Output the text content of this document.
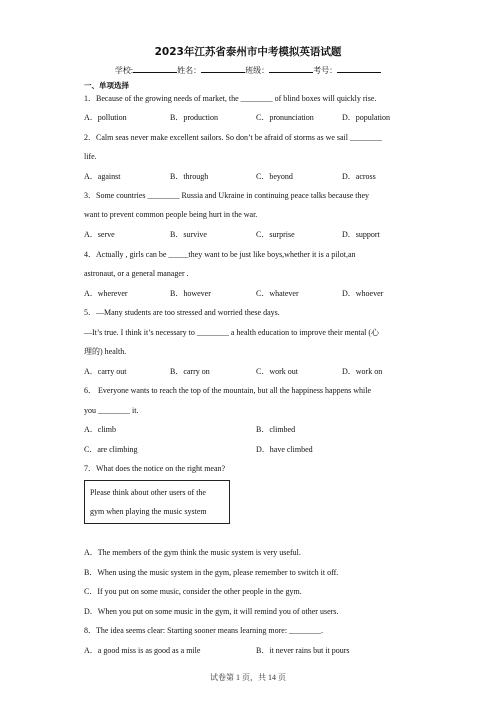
2023年江苏省泰州市中考模拟英语试题
学校:	姓名：	班级：	考号：
一、单项选择
1．Because of the growing needs of market, the ________ of blind boxes will quickly rise.
A．pollution	B．production	C．pronunciation	D．population
2．Calm seas never make excellent sailors. So don’t be afraid of storms as we sail ________
life.
A．against	B．through	C．beyond	D．across
3．Some countries ________ Russia and Ukraine in continuing peace talks because they
want to prevent common people being hurt in the war.
A．serve	B．survive	C．surprise	D．support
4．Actually , girls can be _____they want to be just like boys,whether it is a pilot,an
astronaut, or a general manager .
A．wherever	B．however	C．whatever	D．whoever
5．—Many students are too stressed and worried these days.
—It’s true. I think it’s necessary to ________ a health education to improve their mental (心
理的) health.
A．carry out	B．carry on	C．work out	D．work on
6． Everyone wants to reach the top of the mountain, but all the happiness happens while
you ________ it.
A．climb	B．climbed
C．are climbing	D．have climbed
7．What does the notice on the right mean?
Please think about other users of the
gym when playing the music system
A．The members of the gym think the music system is very useful.
B．When using the music system in the gym, please remember to switch it off.
C．If you put on some music, consider the other people in the gym.
D．When you put on some music in the gym, it will remind you of other users.
8．The idea seems clear: Starting sooner means learning more: ________.
A．a good miss is as good as a mile	B．it never rains but it pours
试卷第 1 页，共 14 页
